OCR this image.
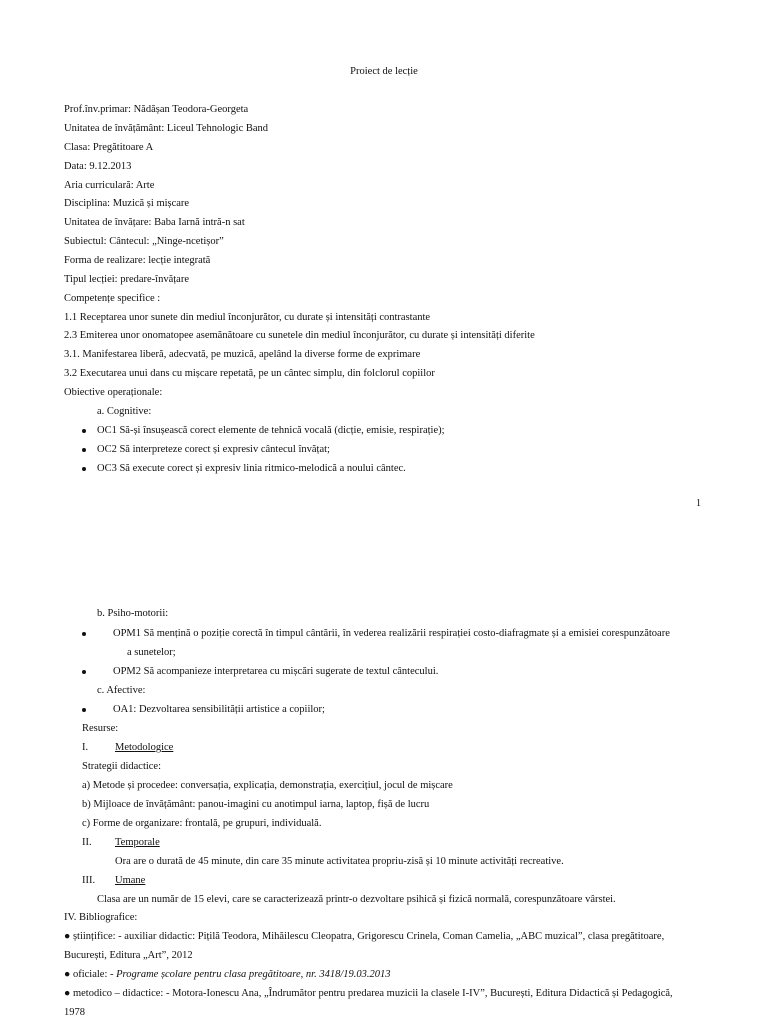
Proiect de lecție
Prof.înv.primar: Nădășan Teodora-Georgeta
Unitatea de învățământ: Liceul Tehnologic Band
Clasa: Pregătitoare A
Data: 9.12.2013
Aria curriculară: Arte
Disciplina: Muzică și mișcare
Unitatea de învățare: Baba Iarnă intră-n sat
Subiectul: Cântecul: „Ninge-ncetișor”
Forma de realizare: lecție integrată
Tipul lecției: predare-învățare
Competențe specifice :
1.1 Receptarea unor sunete din mediul înconjurător, cu durate și intensități contrastante
2.3 Emiterea unor onomatopee asemănătoare cu sunetele din mediul înconjurător, cu durate și intensități diferite
3.1. Manifestarea liberă, adecvată, pe muzică, apelând la diverse forme de exprimare
3.2 Executarea unui dans cu mișcare repetată, pe un cântec simplu, din folclorul copiilor
Obiective operaționale:
a. Cognitive:
OC1 Să-și însușească corect elemente de tehnică vocală (dicție, emisie, respirație);
OC2 Să interpreteze corect și expresiv cântecul învățat;
OC3 Să execute corect și expresiv linia ritmico-melodică a noului cântec.
1
b. Psiho-motorii:
OPM1 Să mențină o poziție corectă în timpul cântării, în vederea realizării respirației costo-diafragmate și a emisiei corespunzătoare
a sunetelor;
OPM2 Să acompanieze interpretarea cu mișcări sugerate de textul cântecului.
c. Afective:
OA1: Dezvoltarea sensibilității artistice a copiilor;
Resurse:
I.	Metodologice
Strategii didactice:
a) Metode și procedee: conversația, explicația, demonstrația, exercițiul, jocul de mișcare
b) Mijloace de învățământ: panou-imagini cu anotimpul iarna, laptop, fișă de lucru
c) Forme de organizare: frontală, pe grupuri, individuală.
II. Temporale
Ora are o durată de 45 minute, din care 35 minute activitatea propriu-zisă și 10 minute activități recreative.
III. Umane
Clasa are un număr de 15 elevi, care se caracterizează printr-o dezvoltare psihică și fizică normală, corespunzătoare vârstei.
IV. Bibliografice:
● științifice: - auxiliar didactic: Pițilă Teodora, Mihăilescu Cleopatra, Grigorescu Crinela, Coman Camelia, „ABC muzical”, clasa pregătitoare,
București, Editura „Art”, 2012
● oficiale: - Programe școlare pentru clasa pregătitoare, nr. 3418/19.03.2013
● metodico – didactice: - Motora-Ionescu Ana, „Îndrumător pentru predarea muzicii la clasele I-IV”, București, Editura Didactică și Pedagogică,
1978
